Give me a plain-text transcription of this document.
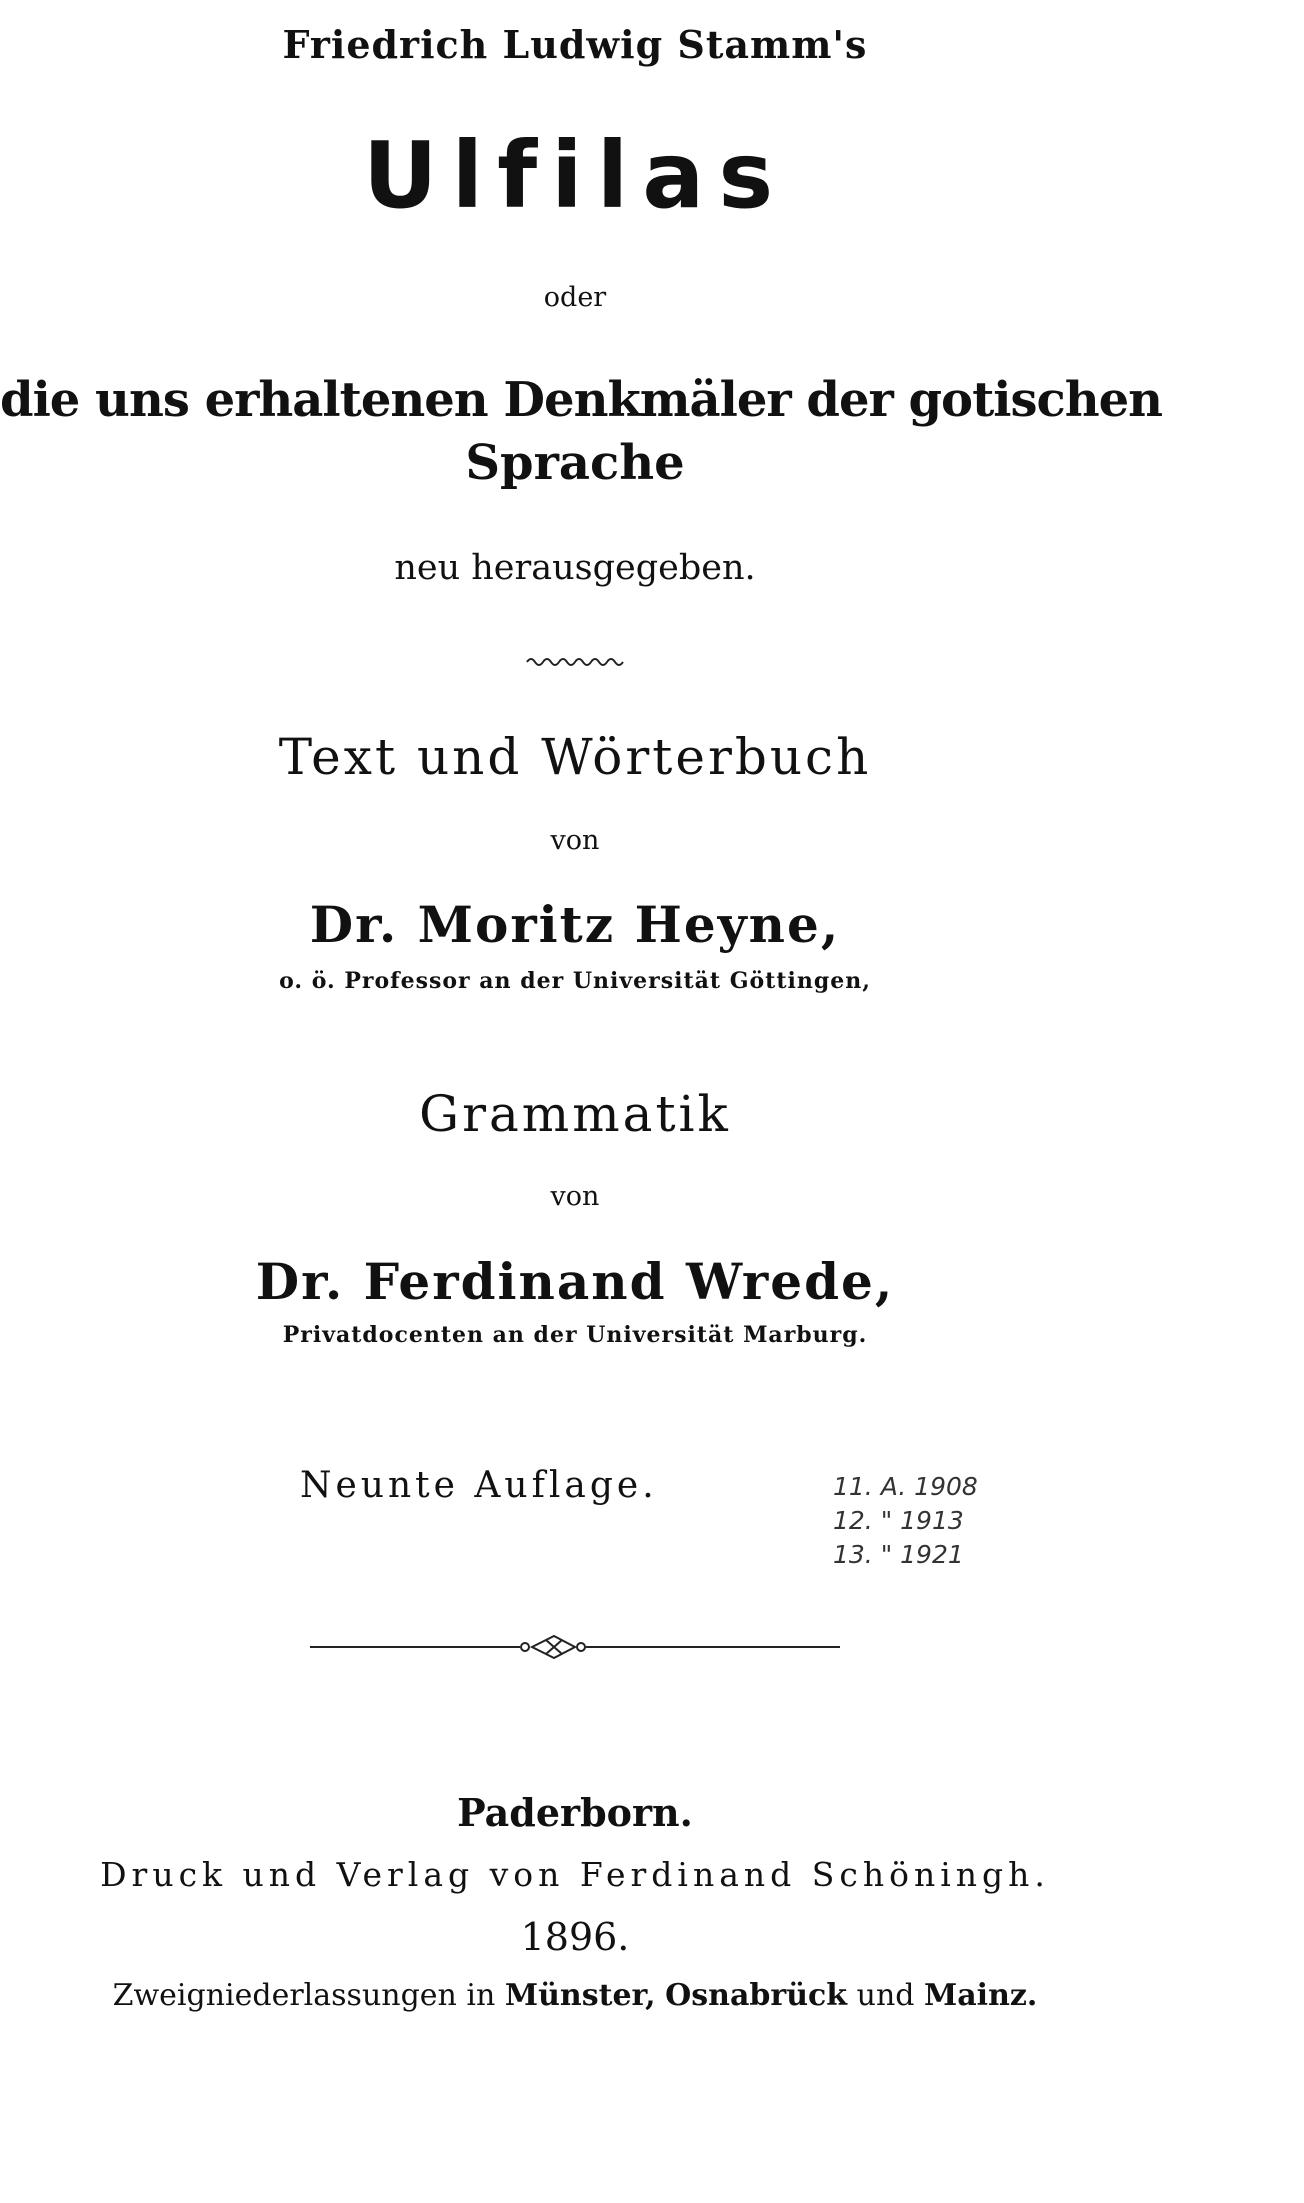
Friedrich Ludwig Stamm's
Ulfilas
oder
die uns erhaltenen Denkmäler der gotischen
Sprache
neu herausgegeben.
Text und Wörterbuch
von
Dr. Moritz Heyne,
o. ö. Professor an der Universität Göttingen,
Grammatik
von
Dr. Ferdinand Wrede,
Privatdocenten an der Universität Marburg.
Neunte Auflage.	11. A. 1908
12. " 1913
13. " 1921
Paderborn.
Druck und Verlag von Ferdinand Schöningh.
1896.
Zweigniederlassungen in Münster, Osnabrück und Mainz.
